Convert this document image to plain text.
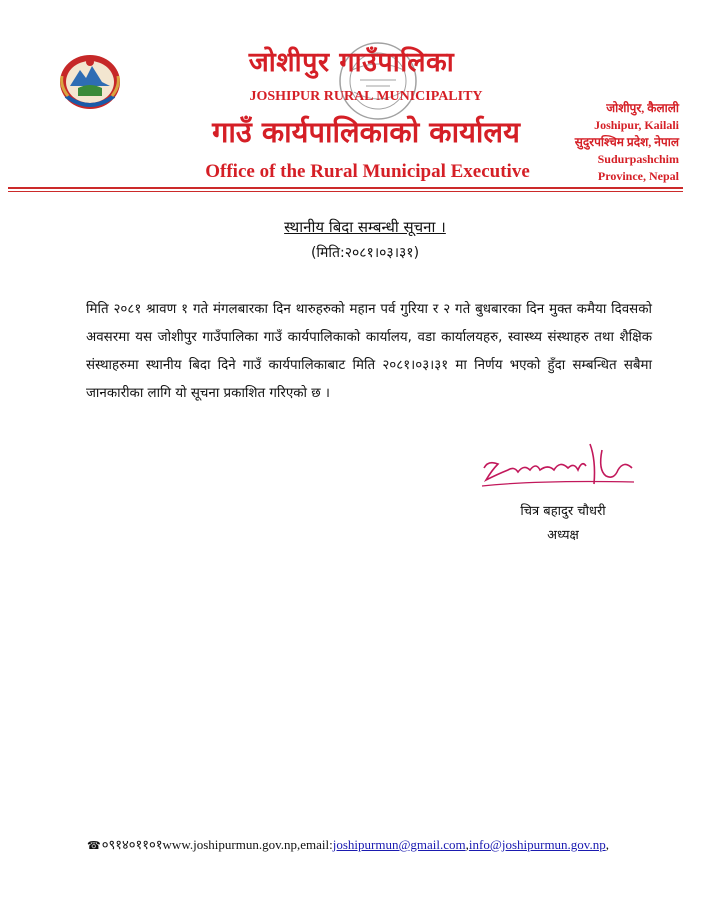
जोशीपुर गाउँपालिका
JOSHIPUR RURAL MUNICIPALITY
गाउँ कार्यपालिकाको कार्यालय
Office of the Rural Municipal Executive
जोशीपुर, कैलाली
Joshipur, Kailali
सुदुरपश्चिम प्रदेश, नेपाल
Sudurpashchim
Province, Nepal
स्थानीय बिदा सम्बन्धी सूचना ।
(मिति:२०८१।०३।३१)
मिति २०८१ श्रावण १ गते मंगलबारका दिन थारुहरुको महान पर्व गुरिया र २ गते बुधबारका दिन मुक्त कमैया दिवसको अवसरमा यस जोशीपुर गाउँपालिका गाउँ कार्यपालिकाको कार्यालय, वडा कार्यालयहरु, स्वास्थ्य संस्थाहरु तथा शैक्षिक संस्थाहरुमा स्थानीय बिदा दिने गाउँ कार्यपालिकाबाट मिति २०८१।०३।३१ मा निर्णय भएको हुँदा सम्बन्धित सबैमा जानकारीका लागि यो सूचना प्रकाशित गरिएको छ ।
चित्र बहादुर चौधरी
अध्यक्ष
☎०९१४०११०१www.joshipurmun.gov.np,email:joshipurmun@gmail.com,info@joshipurmun.gov.np,
